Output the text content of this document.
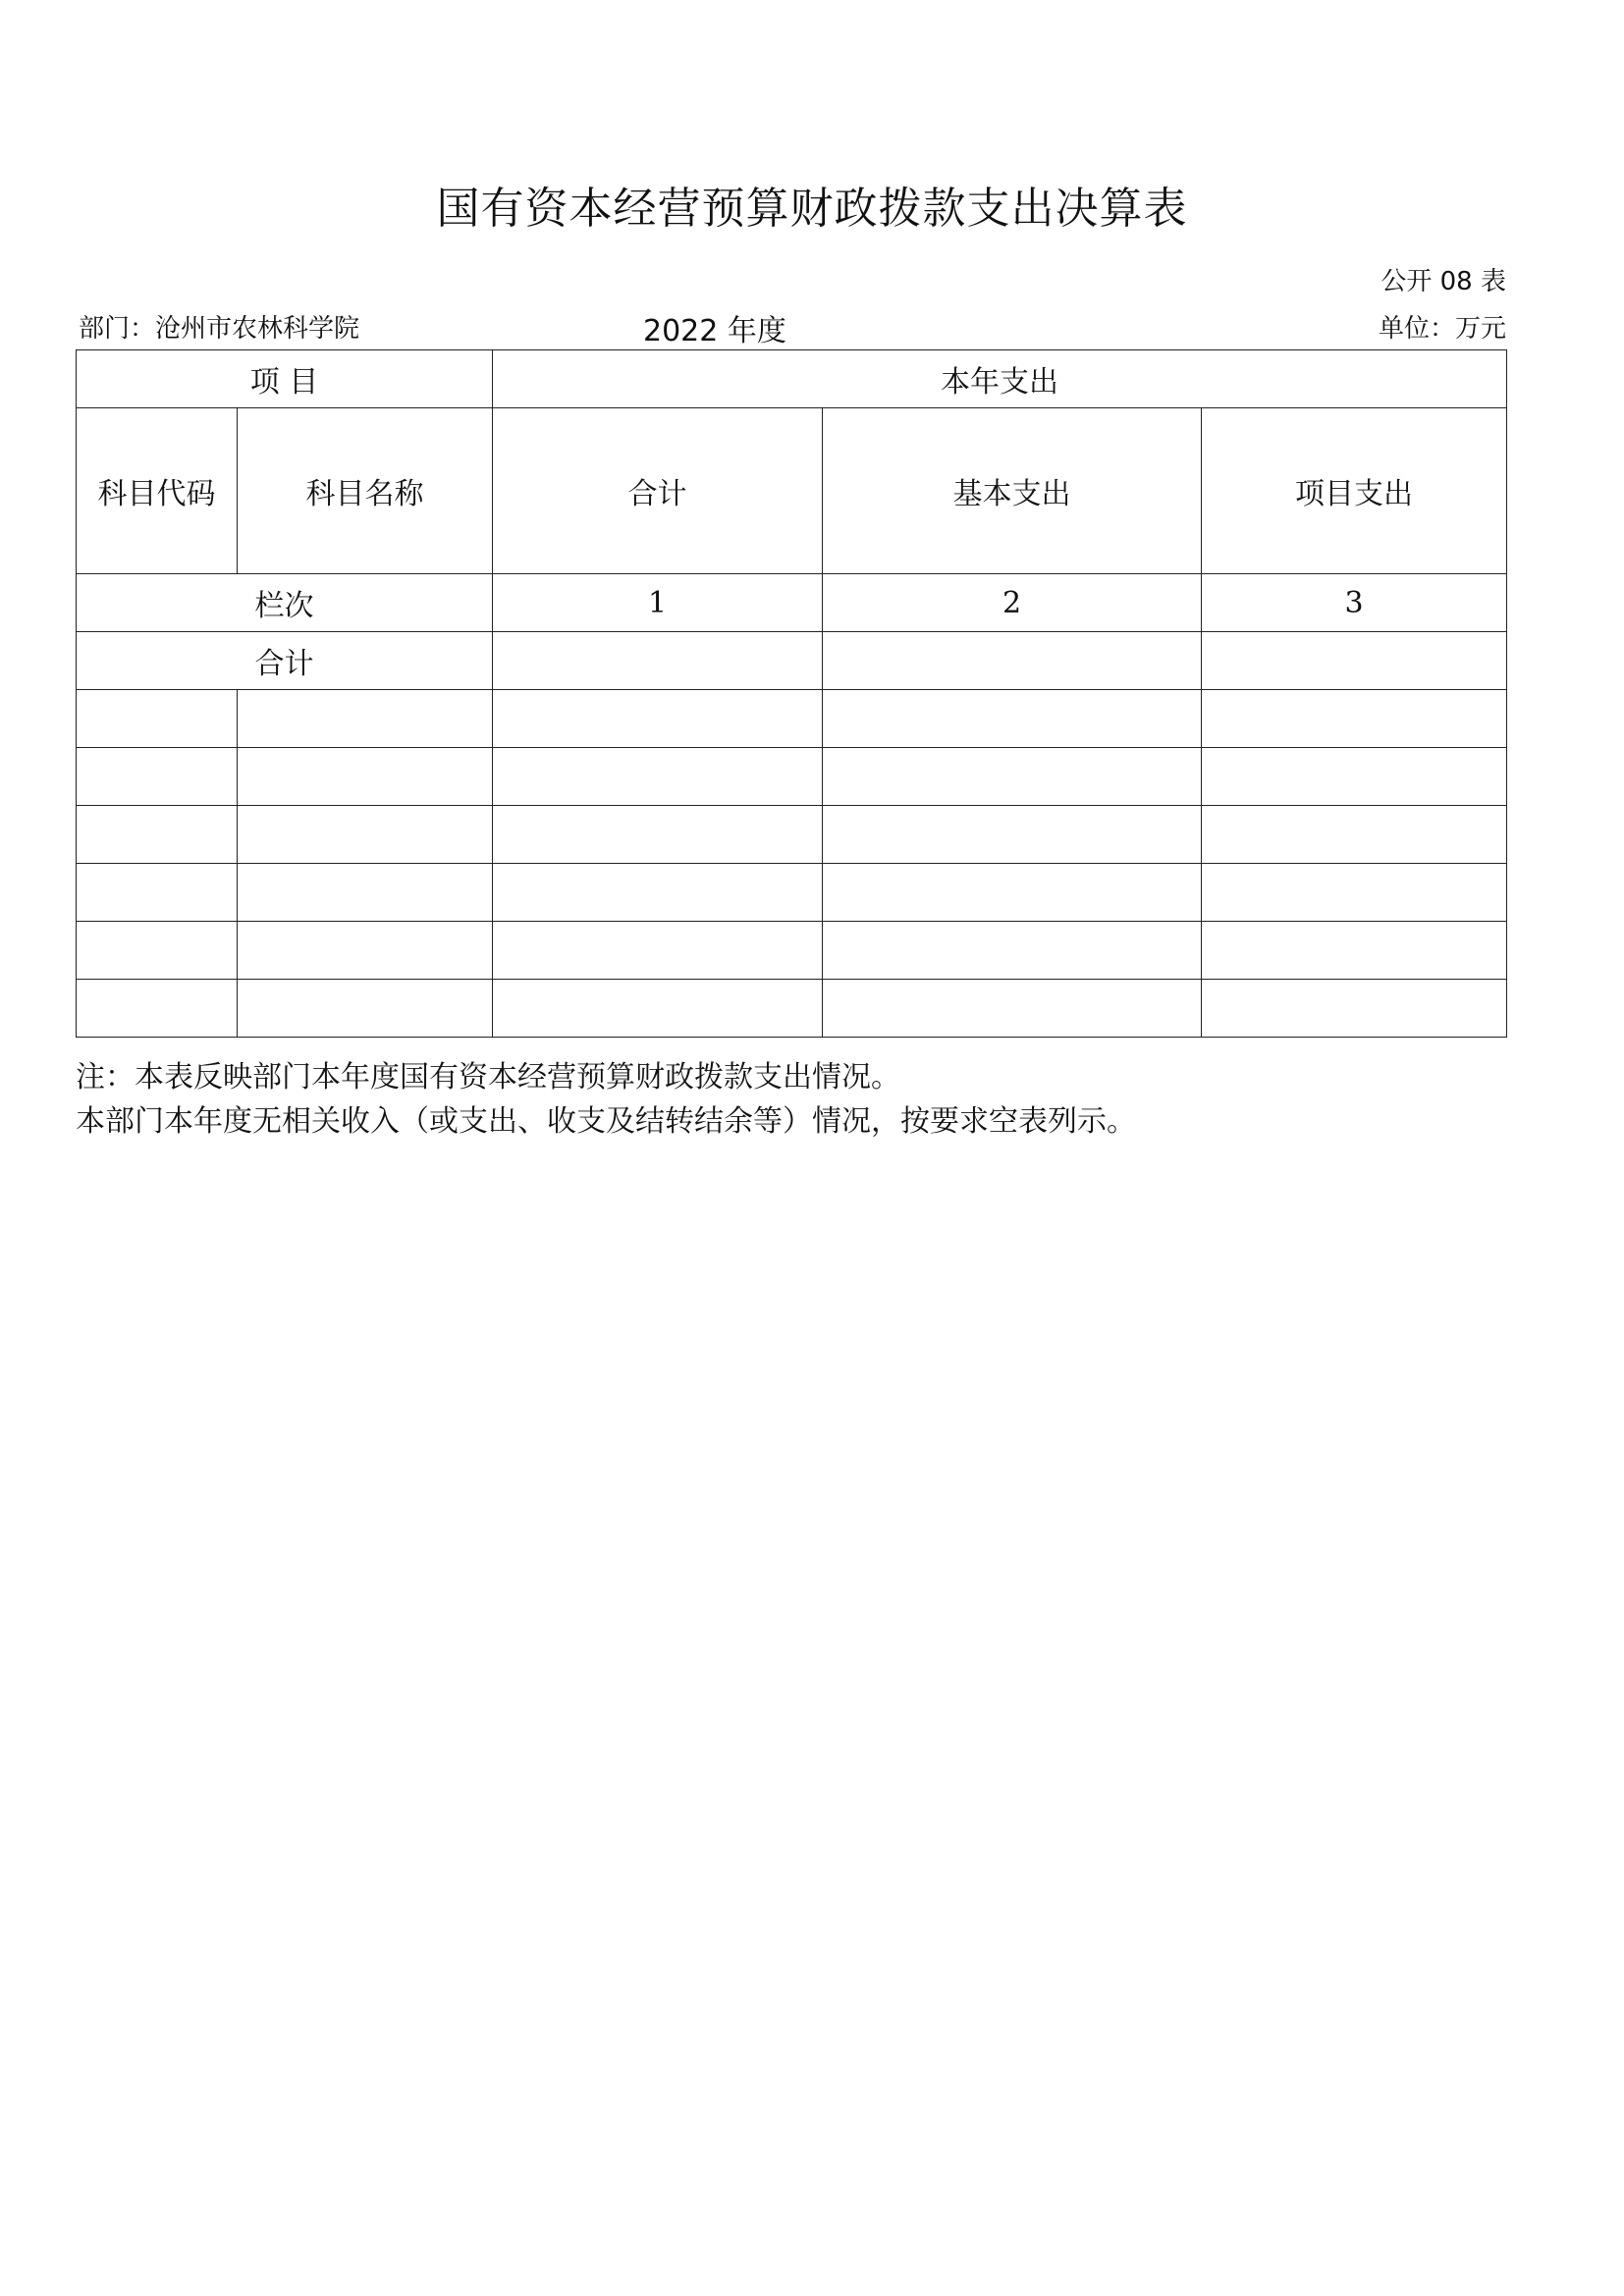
国有资本经营预算财政拨款支出决算表
公开 08 表
部门：沧州市农林科学院	2022 年度	单位：万元
项 目		本年支出		
科目代码	科目名称	合计	基本支出	项目支出
栏次		1	2	3
合计				

注：本表反映部门本年度国有资本经营预算财政拨款支出情况。
本部门本年度无相关收入（或支出、收支及结转结余等）情况，按要求空表列示。
